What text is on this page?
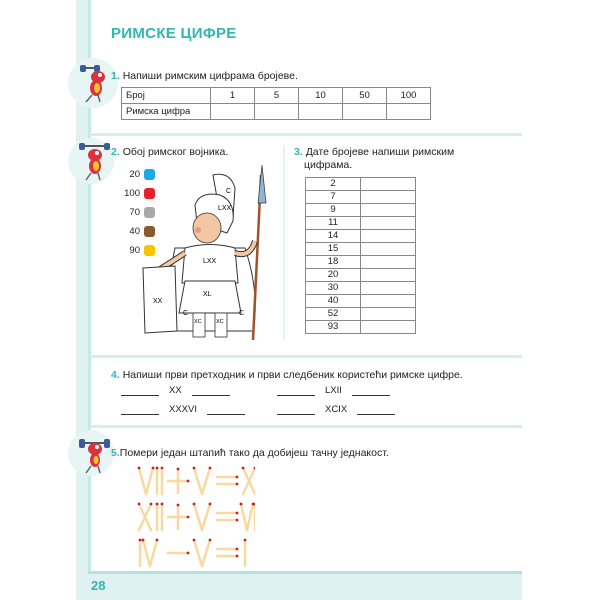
РИМСКЕ ЦИФРЕ
1. Напиши римским цифрама бројеве.
Број	1	5	10	50	100
Римска цифра					
2. Обој римског војника.
20
100
70
40
90
C
LXX
LXX
XL
XX
XC	XC
C	C
3. Дате бројеве напиши римским
цифрама.
2	
7	
9	
11	
14	
15	
18	
20	
30	
40	
52	
93	
4. Напиши први претходник и први следбеник користећи римске цифре.
XX	LXII
XXXVI	XCIX
5.Помери један штапић тако да добијеш тачну једнакост.
28
